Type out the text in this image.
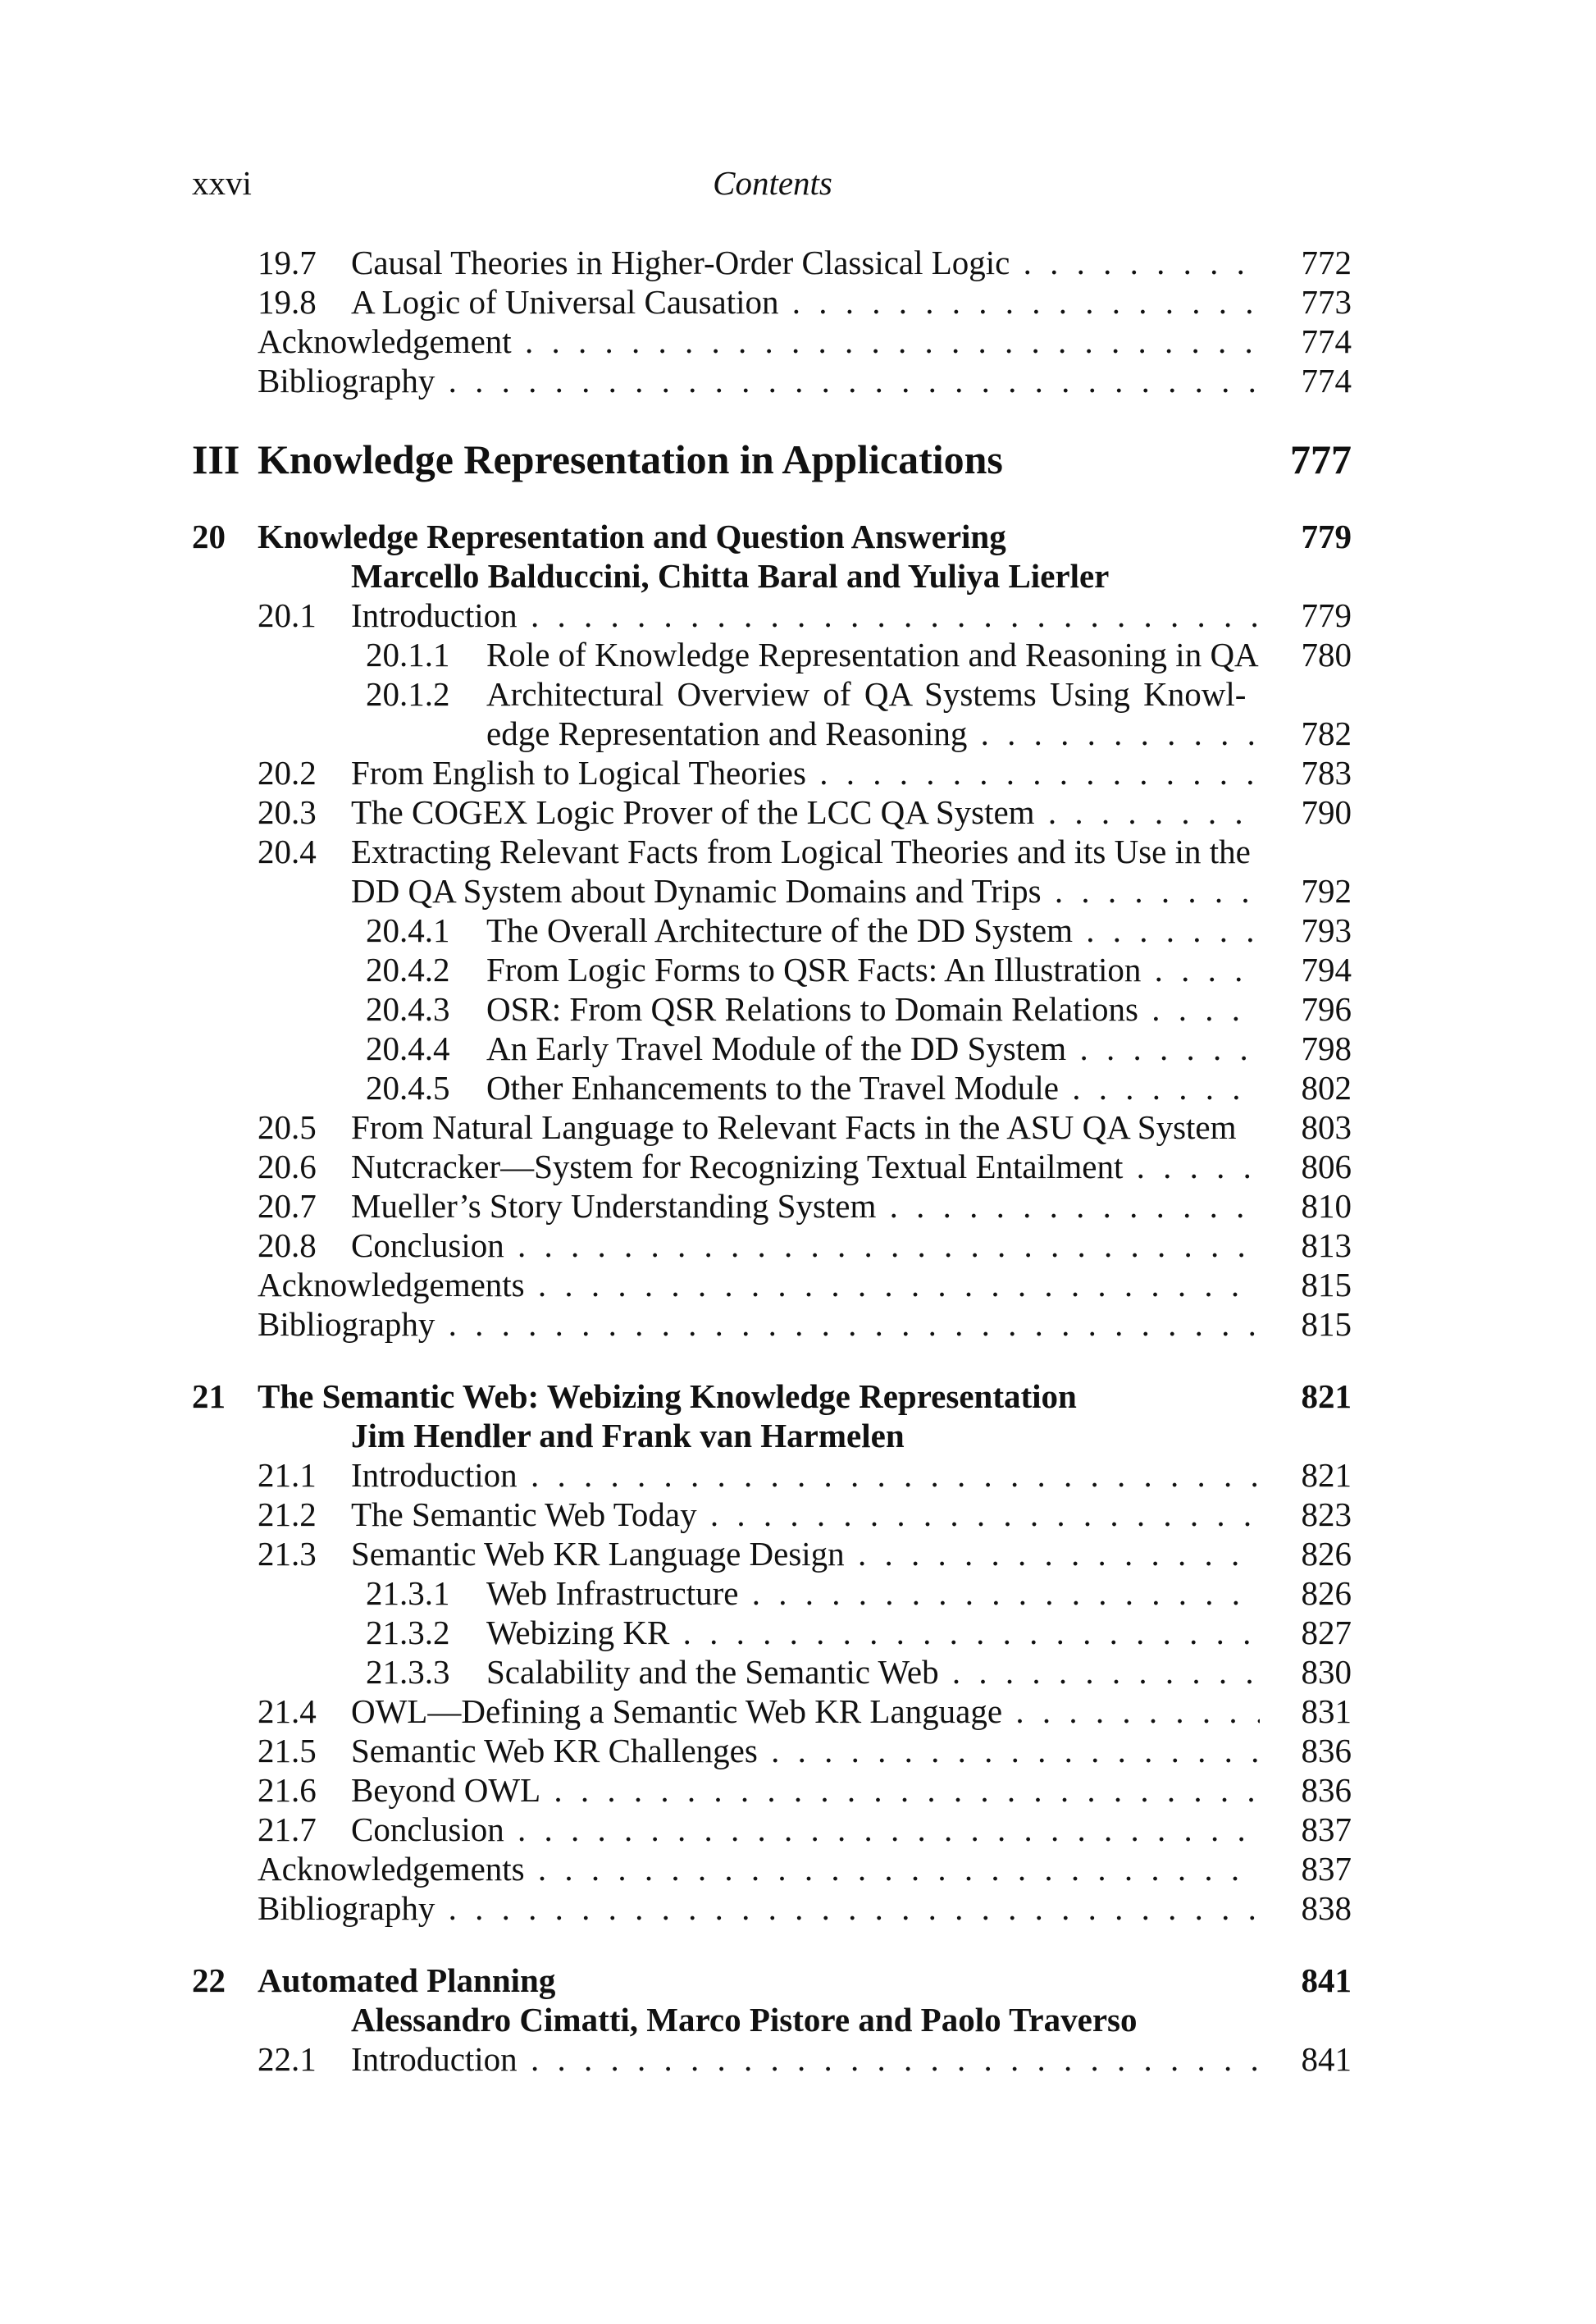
xxvi	Contents
19.7 Causal Theories in Higher-Order Classical Logic . . .	772
19.8 A Logic of Universal Causation . . .	773
Acknowledgement . . .	774
Bibliography . . .	774
III Knowledge Representation in Applications	777
20 Knowledge Representation and Question Answering	779
Marcello Balduccini, Chitta Baral and Yuliya Lierler
20.1 Introduction . . .	779
20.1.1 Role of Knowledge Representation and Reasoning in QA 780
20.1.2 Architectural Overview of QA Systems Using Knowl-
edge Representation and Reasoning . . .	782
20.2 From English to Logical Theories . . .	783
20.3 The COGEX Logic Prover of the LCC QA System . . .	790
20.4 Extracting Relevant Facts from Logical Theories and its Use in the
DD QA System about Dynamic Domains and Trips . . .	792
20.4.1 The Overall Architecture of the DD System . . .	793
20.4.2 From Logic Forms to QSR Facts: An Illustration . . .	794
20.4.3 OSR: From QSR Relations to Domain Relations . . .	796
20.4.4 An Early Travel Module of the DD System . . .	798
20.4.5 Other Enhancements to the Travel Module . . .	802
20.5 From Natural Language to Relevant Facts in the ASU QA System 803
20.6 Nutcracker—System for Recognizing Textual Entailment . . .	806
20.7 Mueller’s Story Understanding System . . .	810
20.8 Conclusion . . .	813
Acknowledgements . . .	815
Bibliography . . .	815
21 The Semantic Web: Webizing Knowledge Representation	821
Jim Hendler and Frank van Harmelen
21.1 Introduction . . .	821
21.2 The Semantic Web Today . . .	823
21.3 Semantic Web KR Language Design . . .	826
21.3.1 Web Infrastructure . . .	826
21.3.2 Webizing KR . . .	827
21.3.3 Scalability and the Semantic Web . . .	830
21.4 OWL—Defining a Semantic Web KR Language . . .	831
21.5 Semantic Web KR Challenges . . .	836
21.6 Beyond OWL . . .	836
21.7 Conclusion . . .	837
Acknowledgements . . .	837
Bibliography . . .	838
22 Automated Planning	841
Alessandro Cimatti, Marco Pistore and Paolo Traverso
22.1 Introduction . . .	841
